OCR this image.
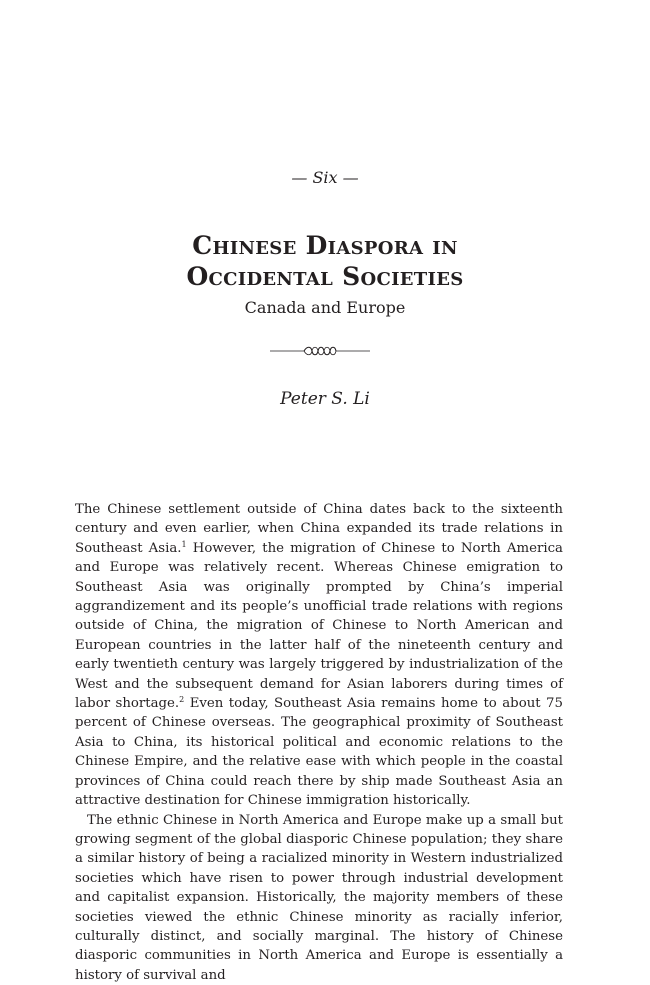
— Six —
Chinese Diaspora in
Occidental Societies
Canada and Europe
Peter S. Li

The Chinese settlement outside of China dates back to the sixteenth century and even earlier, when China expanded its trade relations in Southeast Asia.$^1$ However, the migration of Chinese to North America and Europe was relatively recent. Whereas Chinese emigration to Southeast Asia was originally prompted by China’s imperial aggrandizement and its people’s unofficial trade relations with regions outside of China, the migration of Chinese to North American and European countries in the latter half of the nineteenth century and early twentieth century was largely triggered by industrialization of the West and the subsequent demand for Asian laborers during times of labor shortage.$^2$ Even today, Southeast Asia remains home to about 75 percent of Chinese overseas. The geographical proximity of Southeast Asia to China, its historical political and economic relations to the Chinese Empire, and the relative ease with which people in the coastal provinces of China could reach there by ship made Southeast Asia an attractive destination for Chinese immigration historically.

The ethnic Chinese in North America and Europe make up a small but growing segment of the global diasporic Chinese population; they share a similar history of being a racialized minority in Western industrialized societies which have risen to power through industrial development and capitalist expansion. Historically, the majority members of these societies viewed the ethnic Chinese minority as racially inferior, culturally distinct, and socially marginal. The history of Chinese diasporic communities in North America and Europe is essentially a history of survival and
